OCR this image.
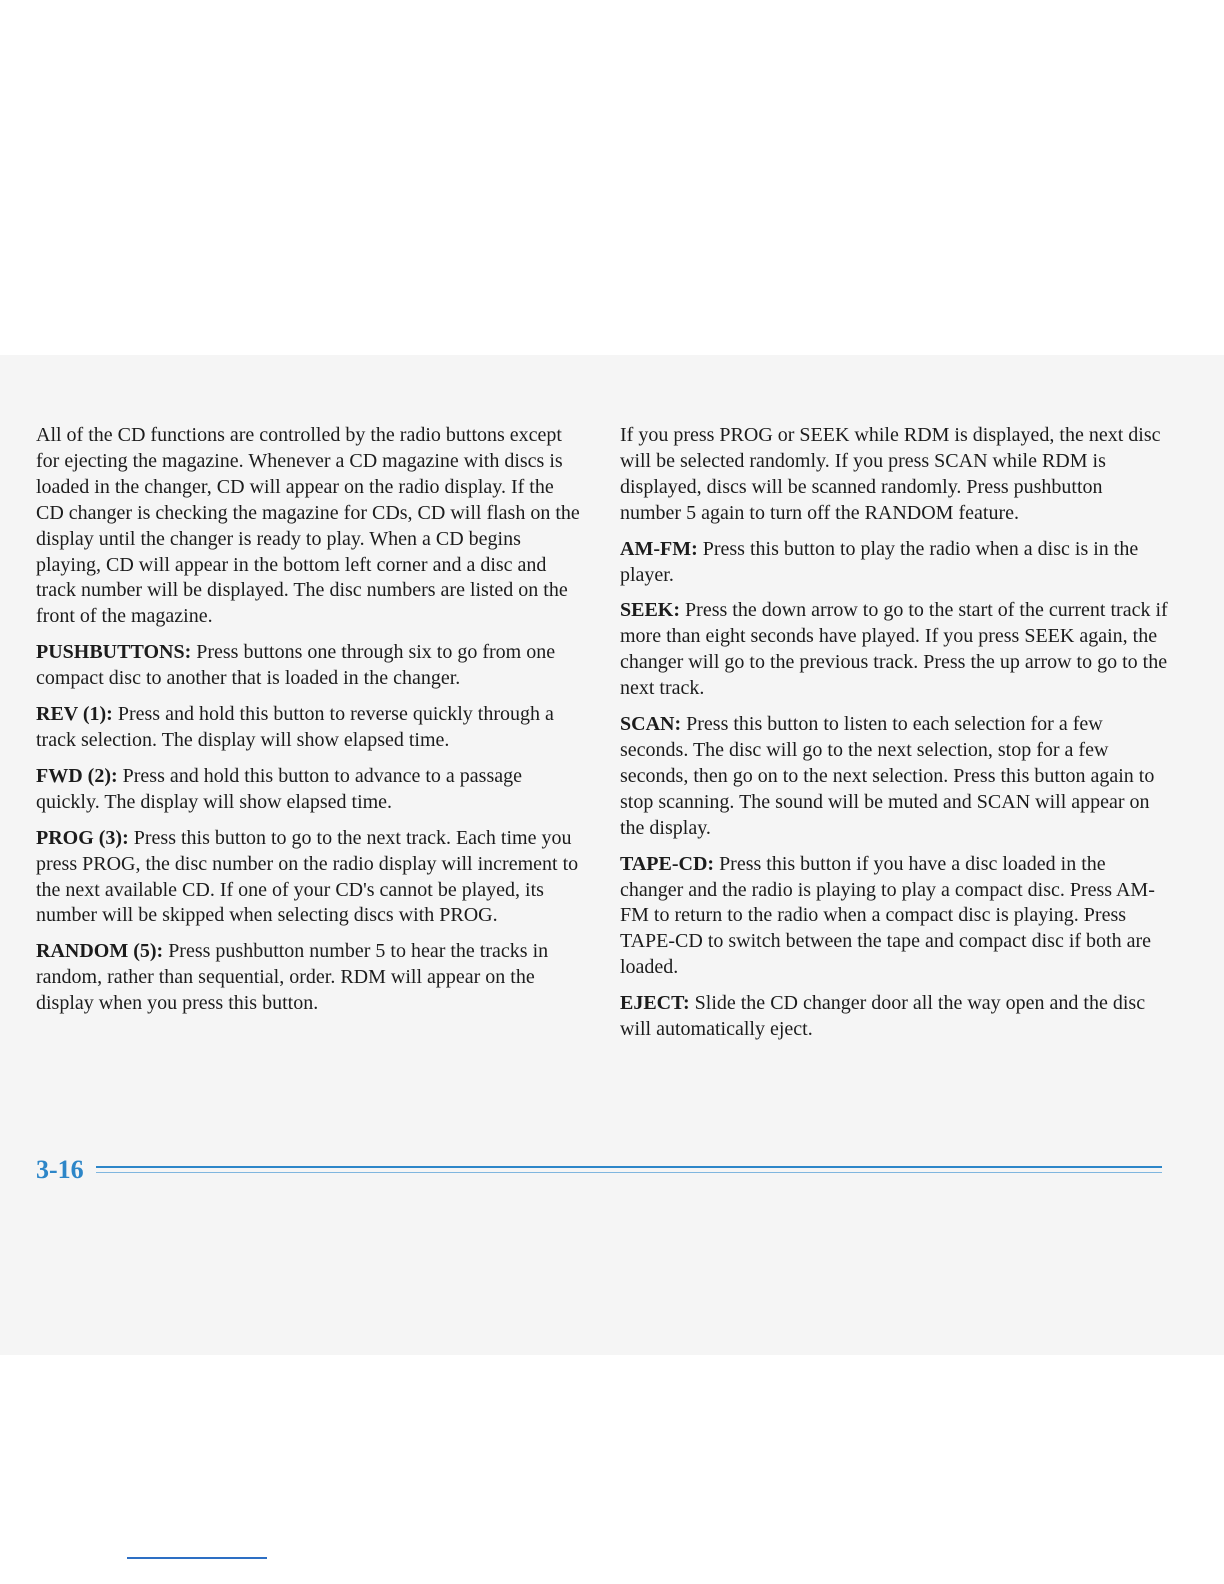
All of the CD functions are controlled by the radio buttons except for ejecting the magazine. Whenever a CD magazine with discs is loaded in the changer, CD will appear on the radio display. If the CD changer is checking the magazine for CDs, CD will flash on the display until the changer is ready to play. When a CD begins playing, CD will appear in the bottom left corner and a disc and track number will be displayed. The disc numbers are listed on the front of the magazine.

PUSHBUTTONS: Press buttons one through six to go from one compact disc to another that is loaded in the changer.

REV (1): Press and hold this button to reverse quickly through a track selection. The display will show elapsed time.

FWD (2): Press and hold this button to advance to a passage quickly. The display will show elapsed time.

PROG (3): Press this button to go to the next track. Each time you press PROG, the disc number on the radio display will increment to the next available CD. If one of your CD's cannot be played, its number will be skipped when selecting discs with PROG.

RANDOM (5): Press pushbutton number 5 to hear the tracks in random, rather than sequential, order. RDM will appear on the display when you press this button.

If you press PROG or SEEK while RDM is displayed, the next disc will be selected randomly. If you press SCAN while RDM is displayed, discs will be scanned randomly. Press pushbutton number 5 again to turn off the RANDOM feature.

AM-FM: Press this button to play the radio when a disc is in the player.

SEEK: Press the down arrow to go to the start of the current track if more than eight seconds have played. If you press SEEK again, the changer will go to the previous track. Press the up arrow to go to the next track.

SCAN: Press this button to listen to each selection for a few seconds. The disc will go to the next selection, stop for a few seconds, then go on to the next selection. Press this button again to stop scanning. The sound will be muted and SCAN will appear on the display.

TAPE-CD: Press this button if you have a disc loaded in the changer and the radio is playing to play a compact disc. Press AM-FM to return to the radio when a compact disc is playing. Press TAPE-CD to switch between the tape and compact disc if both are loaded.

EJECT: Slide the CD changer door all the way open and the disc will automatically eject.

3-16
